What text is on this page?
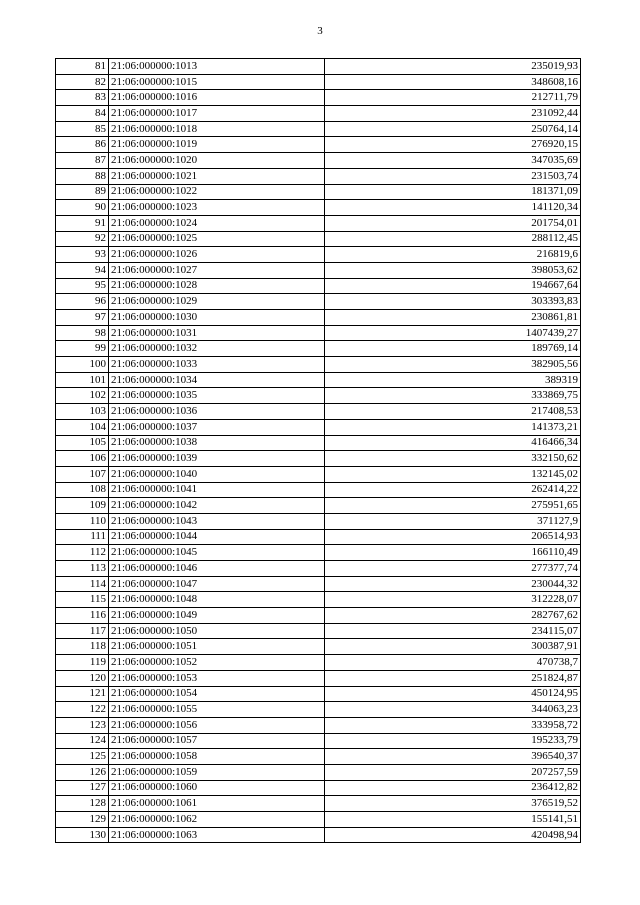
3
81	21:06:000000:1013	235019,93
82	21:06:000000:1015	348608,16
83	21:06:000000:1016	212711,79
84	21:06:000000:1017	231092,44
85	21:06:000000:1018	250764,14
86	21:06:000000:1019	276920,15
87	21:06:000000:1020	347035,69
88	21:06:000000:1021	231503,74
89	21:06:000000:1022	181371,09
90	21:06:000000:1023	141120,34
91	21:06:000000:1024	201754,01
92	21:06:000000:1025	288112,45
93	21:06:000000:1026	216819,6
94	21:06:000000:1027	398053,62
95	21:06:000000:1028	194667,64
96	21:06:000000:1029	303393,83
97	21:06:000000:1030	230861,81
98	21:06:000000:1031	1407439,27
99	21:06:000000:1032	189769,14
100	21:06:000000:1033	382905,56
101	21:06:000000:1034	389319
102	21:06:000000:1035	333869,75
103	21:06:000000:1036	217408,53
104	21:06:000000:1037	141373,21
105	21:06:000000:1038	416466,34
106	21:06:000000:1039	332150,62
107	21:06:000000:1040	132145,02
108	21:06:000000:1041	262414,22
109	21:06:000000:1042	275951,65
110	21:06:000000:1043	371127,9
111	21:06:000000:1044	206514,93
112	21:06:000000:1045	166110,49
113	21:06:000000:1046	277377,74
114	21:06:000000:1047	230044,32
115	21:06:000000:1048	312228,07
116	21:06:000000:1049	282767,62
117	21:06:000000:1050	234115,07
118	21:06:000000:1051	300387,91
119	21:06:000000:1052	470738,7
120	21:06:000000:1053	251824,87
121	21:06:000000:1054	450124,95
122	21:06:000000:1055	344063,23
123	21:06:000000:1056	333958,72
124	21:06:000000:1057	195233,79
125	21:06:000000:1058	396540,37
126	21:06:000000:1059	207257,59
127	21:06:000000:1060	236412,82
128	21:06:000000:1061	376519,52
129	21:06:000000:1062	155141,51
130	21:06:000000:1063	420498,94
